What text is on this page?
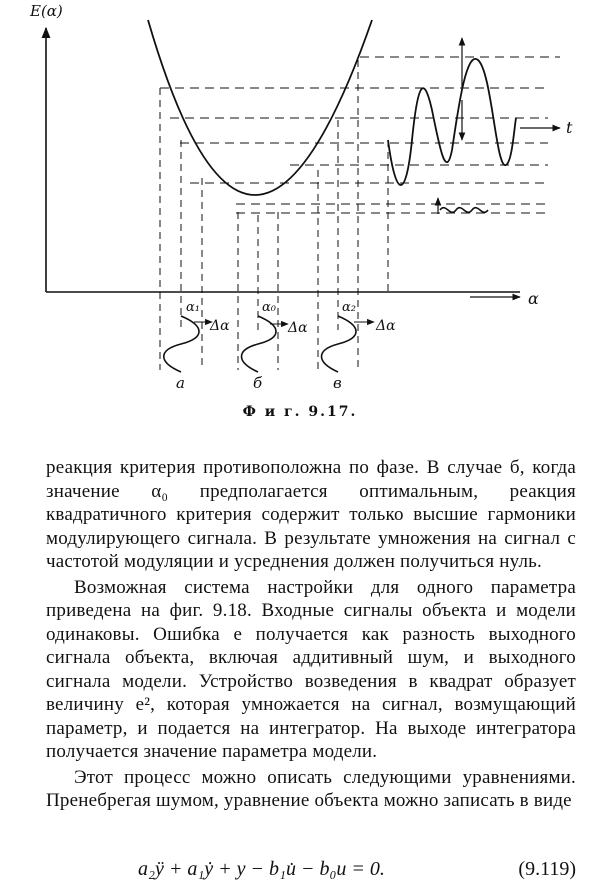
E(α)
α
t
α₁	α₀	α₂
Δα	Δα	Δα
а	б	в
Ф и г. 9.17.

реакция критерия противоположна по фазе. В случае б, когда значение α₀ предполагается оптимальным, реакция квадратичного критерия содержит только высшие гармоники модулирующего сигнала. В результате умножения на сигнал с частотой модуляции и усреднения должен получиться нуль.

Возможная система настройки для одного параметра приведена на фиг. 9.18. Входные сигналы объекта и модели одинаковы. Ошибка e получается как разность выходного сигнала объекта, включая аддитивный шум, и выходного сигнала модели. Устройство возведения в квадрат образует величину e², которая умножается на сигнал, возмущающий параметр, и подается на интегратор. На выходе интегратора получается значение параметра модели.

Этот процесс можно описать следующими уравнениями. Пренебрегая шумом, уравнение объекта можно записать в виде

a₂ÿ + a₁ẏ + y − b₁u̇ − b₀u = 0.	(9.119)
